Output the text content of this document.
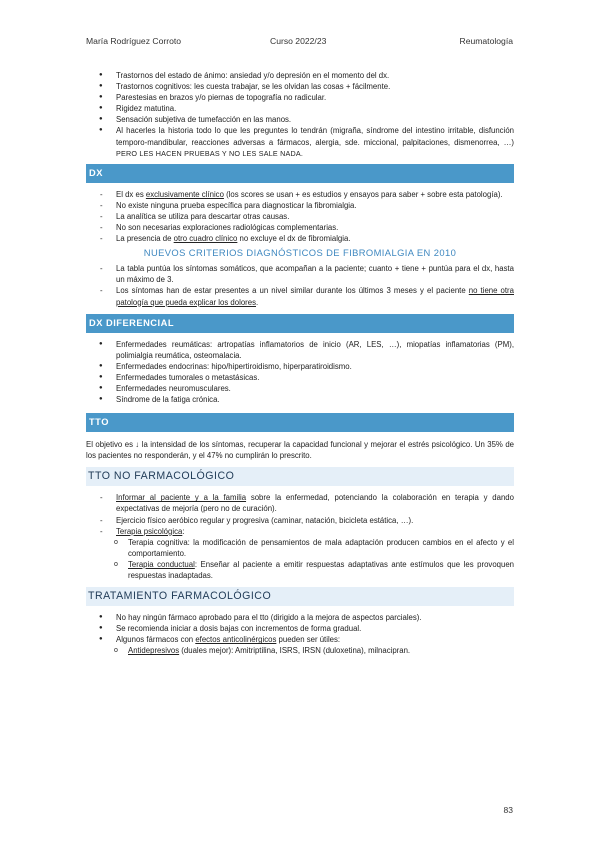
María Rodríguez Corroto	Curso 2022/23	Reumatología
● Trastornos del estado de ánimo: ansiedad y/o depresión en el momento del dx.
● Trastornos cognitivos: les cuesta trabajar, se les olvidan las cosas + fácilmente.
● Parestesias en brazos y/o piernas de topografía no radicular.
● Rigidez matutina.
● Sensación subjetiva de tumefacción en las manos.
● Al hacerles la historia todo lo que les preguntes lo tendrán (migraña, síndrome del intestino irritable, disfunción temporo-mandibular, reacciones adversas a fármacos, alergia, sde. miccional, palpitaciones, dismenorrea, …) PERO LES HACEN PRUEBAS Y NO LES SALE NADA.
DX
- El dx es exclusivamente clínico (los scores se usan + es estudios y ensayos para saber + sobre esta patología).
- No existe ninguna prueba específica para diagnosticar la fibromialgia.
- La analítica se utiliza para descartar otras causas.
- No son necesarias exploraciones radiológicas complementarias.
- La presencia de otro cuadro clínico no excluye el dx de fibromialgia.
NUEVOS CRITERIOS DIAGNÓSTICOS DE FIBROMIALGIA EN 2010
- La tabla puntúa los síntomas somáticos, que acompañan a la paciente; cuanto + tiene + puntúa para el dx, hasta un máximo de 3.
- Los síntomas han de estar presentes a un nivel similar durante los últimos 3 meses y el paciente no tiene otra patología que pueda explicar los dolores.
DX DIFERENCIAL
● Enfermedades reumáticas: artropatías inflamatorios de inicio (AR, LES, …), miopatías inflamatorias (PM), polimialgia reumática, osteomalacia.
● Enfermedades endocrinas: hipo/hipertiroidismo, hiperparatiroidismo.
● Enfermedades tumorales o metastásicas.
● Enfermedades neuromusculares.
● Síndrome de la fatiga crónica.
TTO
El objetivo es ↓ la intensidad de los síntomas, recuperar la capacidad funcional y mejorar el estrés psicológico. Un 35% de los pacientes no responderán, y el 47% no cumplirán lo prescrito.
TTO NO FARMACOLÓGICO
- Informar al paciente y a la familia sobre la enfermedad, potenciando la colaboración en terapia y dando expectativas de mejoría (pero no de curación).
- Ejercicio físico aeróbico regular y progresiva (caminar, natación, bicicleta estática, …).
- Terapia psicológica:
o Terapia cognitiva: la modificación de pensamientos de mala adaptación producen cambios en el afecto y el comportamiento.
o Terapia conductual: Enseñar al paciente a emitir respuestas adaptativas ante estímulos que les provoquen respuestas inadaptadas.
TRATAMIENTO FARMACOLÓGICO
● No hay ningún fármaco aprobado para el tto (dirigido a la mejora de aspectos parciales).
● Se recomienda iniciar a dosis bajas con incrementos de forma gradual.
● Algunos fármacos con efectos anticolinérgicos pueden ser útiles:
o Antidepresivos (duales mejor): Amitriptilina, ISRS, IRSN (duloxetina), milnacipran.
83
